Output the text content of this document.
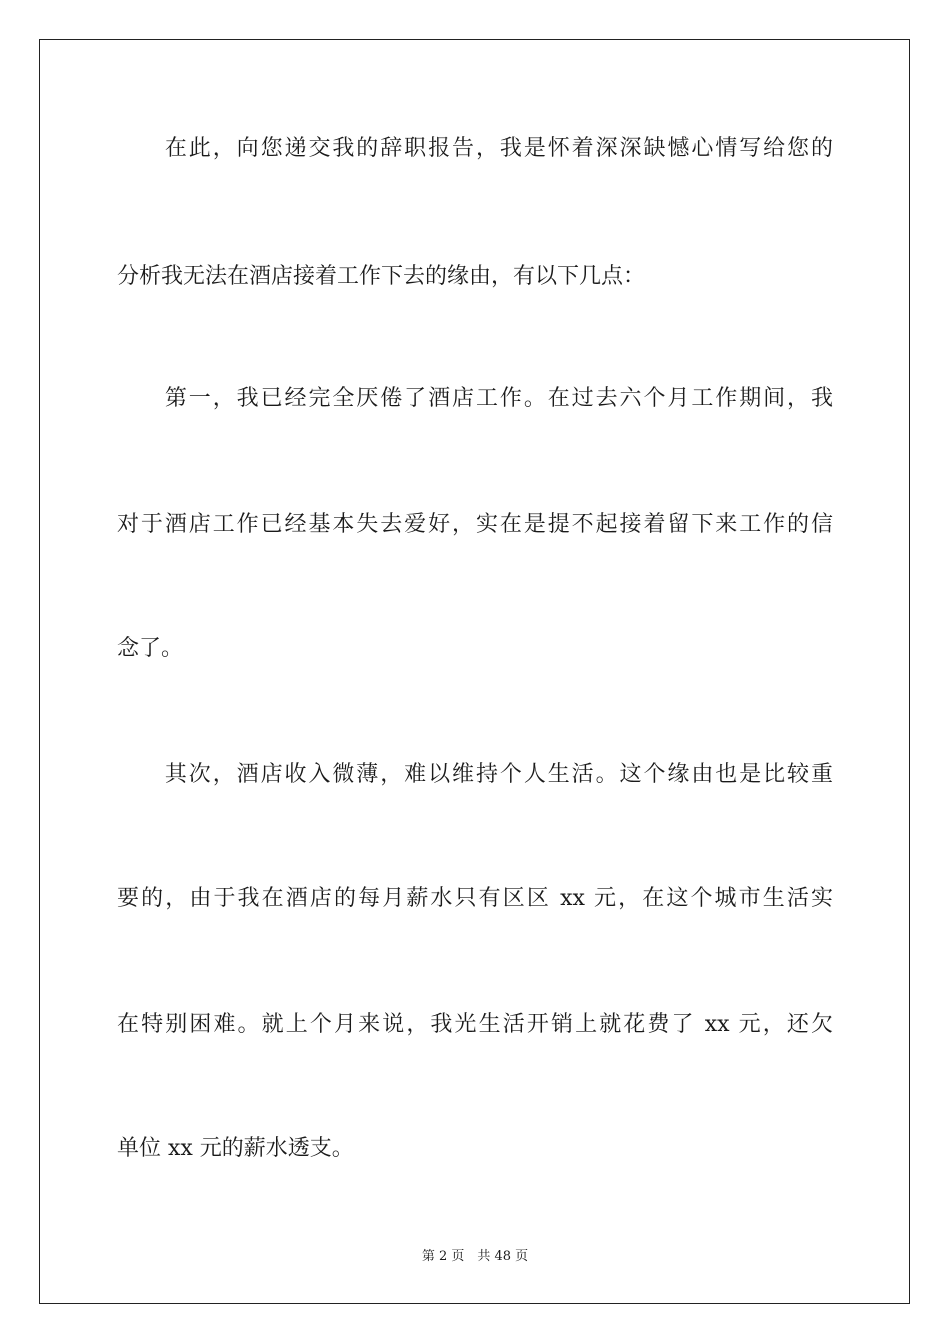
　　在此，向您递交我的辞职报告，我是怀着深深缺憾心情写给您的
分析我无法在酒店接着工作下去的缘由，有以下几点：
　　第一，我已经完全厌倦了酒店工作。在过去六个月工作期间，我
对于酒店工作已经基本失去爱好，实在是提不起接着留下来工作的信
念了。
　　其次，酒店收入微薄，难以维持个人生活。这个缘由也是比较重
要的，由于我在酒店的每月薪水只有区区 xx 元，在这个城市生活实
在特别困难。就上个月来说，我光生活开销上就花费了 xx 元，还欠
单位 xx 元的薪水透支。
第 2 页　共 48 页
